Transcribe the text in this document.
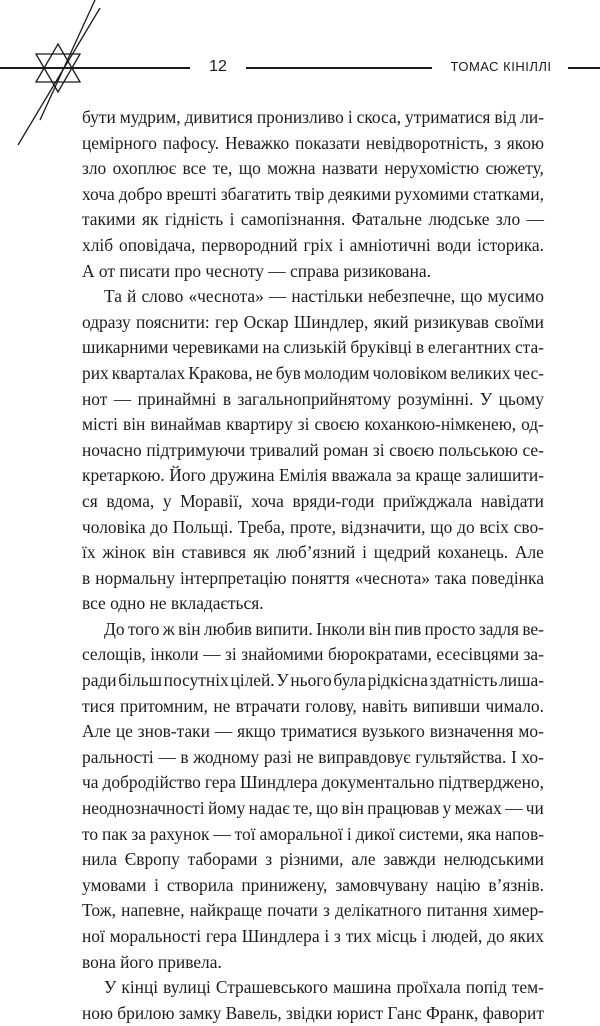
12	ТОМАС КІНІЛЛІ
бути мудрим, дивитися пронизливо і скоса, утриматися від ли-
цемірного пафосу. Неважко показати невідворотність, з якою
зло охоплює все те, що можна назвати нерухомістю сюжету,
хоча добро врешті збагатить твір деякими рухомими статками,
такими як гідність і самопізнання. Фатальне людське зло —
хліб оповідача, первородний гріх і амніотичні води історика.
А от писати про чесноту — справа ризикована.
Та й слово «чеснота» — настільки небезпечне, що мусимо
одразу пояснити: гер Оскар Шиндлер, який ризикував своїми
шикарними черевиками на слизькій бруківці в елегантних ста-
рих кварталах Кракова, не був молодим чоловіком великих чес-
нот — принаймні в загальноприйнятому розумінні. У цьому
місті він винаймав квартиру зі своєю коханкою-німкенею, од-
ночасно підтримуючи тривалий роман зі своєю польською се-
кретаркою. Його дружина Емілія вважала за краще залишити-
ся вдома, у Моравії, хоча вряди-годи приїжджала навідати
чоловіка до Польщі. Треба, проте, відзначити, що до всіх сво-
їх жінок він ставився як люб’язний і щедрий коханець. Але
в нормальну інтерпретацію поняття «чеснота» така поведінка
все одно не вкладається.
До того ж він любив випити. Інколи він пив просто задля ве-
селощів, інколи — зі знайомими бюрократами, есесівцями за-
ради більш посутніх цілей. У нього була рідкісна здатність лиша-
тися притомним, не втрачати голову, навіть випивши чимало.
Але це знов-таки — якщо триматися вузького визначення мо-
ральності — в жодному разі не виправдовує гультяйства. І хо-
ча добродійство гера Шиндлера документально підтверджено,
неоднозначності йому надає те, що він працював у межах — чи
то пак за рахунок — тої аморальної і дикої системи, яка напов-
нила Європу таборами з різними, але завжди нелюдськими
умовами і створила принижену, замовчувану націю в’язнів.
Тож, напевне, найкраще почати з делікатного питання химер-
ної моральності гера Шиндлера і з тих місць і людей, до яких
вона його привела.
У кінці вулиці Страшевського машина проїхала попід тем-
ною брилою замку Вавель, звідки юрист Ганс Франк, фаворит
